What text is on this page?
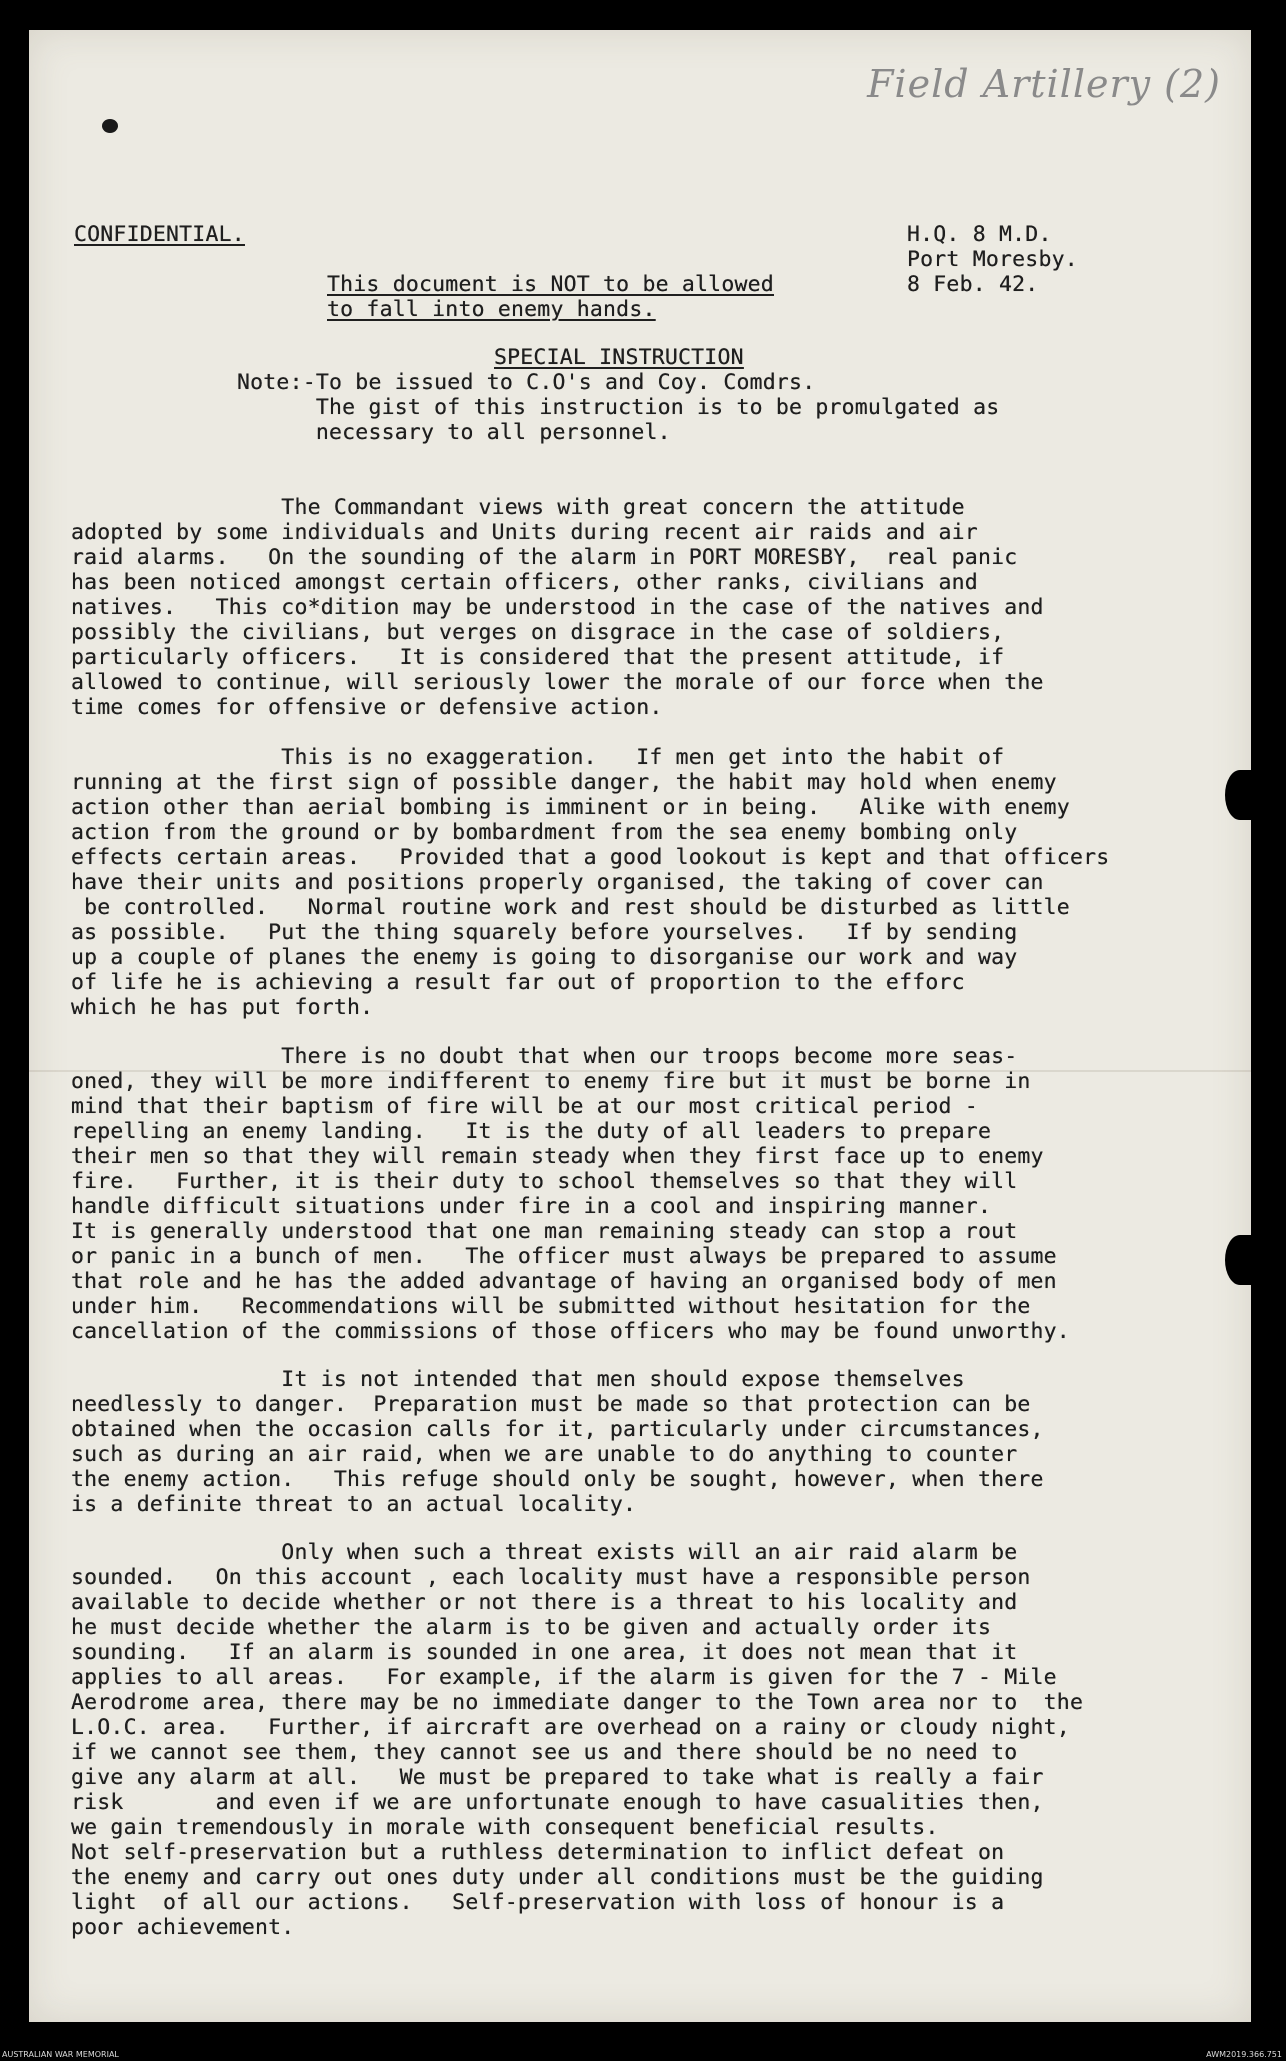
Field Artillery (2)
CONFIDENTIAL.	H.Q. 8 M.D.
Port Moresby.
8 Feb. 42.
This document is NOT to be allowed
to fall into enemy hands.
SPECIAL INSTRUCTION
Note:-To be issued to C.O's and Coy. Comdrs.
The gist of this instruction is to be promulgated as
necessary to all personnel.
The Commandant views with great concern the attitude
adopted by some individuals and Units during recent air raids and air
raid alarms.   On the sounding of the alarm in PORT MORESBY,  real panic
has been noticed amongst certain officers, other ranks, civilians and
natives.   This co*dition may be understood in the case of the natives and
possibly the civilians, but verges on disgrace in the case of soldiers,
particularly officers.   It is considered that the present attitude, if
allowed to continue, will seriously lower the morale of our force when the
time comes for offensive or defensive action.
This is no exaggeration.   If men get into the habit of
running at the first sign of possible danger, the habit may hold when enemy
action other than aerial bombing is imminent or in being.   Alike with enemy
action from the ground or by bombardment from the sea enemy bombing only
effects certain areas.   Provided that a good lookout is kept and that officers
have their units and positions properly organised, the taking of cover can
be controlled.   Normal routine work and rest should be disturbed as little
as possible.   Put the thing squarely before yourselves.   If by sending
up a couple of planes the enemy is going to disorganise our work and way
of life he is achieving a result far out of proportion to the efforc
which he has put forth.
There is no doubt that when our troops become more seas-
oned, they will be more indifferent to enemy fire but it must be borne in
mind that their baptism of fire will be at our most critical period -
repelling an enemy landing.   It is the duty of all leaders to prepare
their men so that they will remain steady when they first face up to enemy
fire.   Further, it is their duty to school themselves so that they will
handle difficult situations under fire in a cool and inspiring manner.
It is generally understood that one man remaining steady can stop a rout
or panic in a bunch of men.   The officer must always be prepared to assume
that role and he has the added advantage of having an organised body of men
under him.   Recommendations will be submitted without hesitation for the
cancellation of the commissions of those officers who may be found unworthy.
It is not intended that men should expose themselves
needlessly to danger.  Preparation must be made so that protection can be
obtained when the occasion calls for it, particularly under circumstances,
such as during an air raid, when we are unable to do anything to counter
the enemy action.   This refuge should only be sought, however, when there
is a definite threat to an actual locality.
Only when such a threat exists will an air raid alarm be
sounded.   On this account , each locality must have a responsible person
available to decide whether or not there is a threat to his locality and
he must decide whether the alarm is to be given and actually order its
sounding.   If an alarm is sounded in one area, it does not mean that it
applies to all areas.   For example, if the alarm is given for the 7 - Mile
Aerodrome area, there may be no immediate danger to the Town area nor to  the
L.O.C. area.   Further, if aircraft are overhead on a rainy or cloudy night,
if we cannot see them, they cannot see us and there should be no need to
give any alarm at all.   We must be prepared to take what is really a fair
risk       and even if we are unfortunate enough to have casualities then,
we gain tremendously in morale with consequent beneficial results.
Not self-preservation but a ruthless determination to inflict defeat on
the enemy and carry out ones duty under all conditions must be the guiding
light  of all our actions.   Self-preservation with loss of honour is a
poor achievement.
AUSTRALIAN WAR MEMORIAL	AWM2019.366.751
